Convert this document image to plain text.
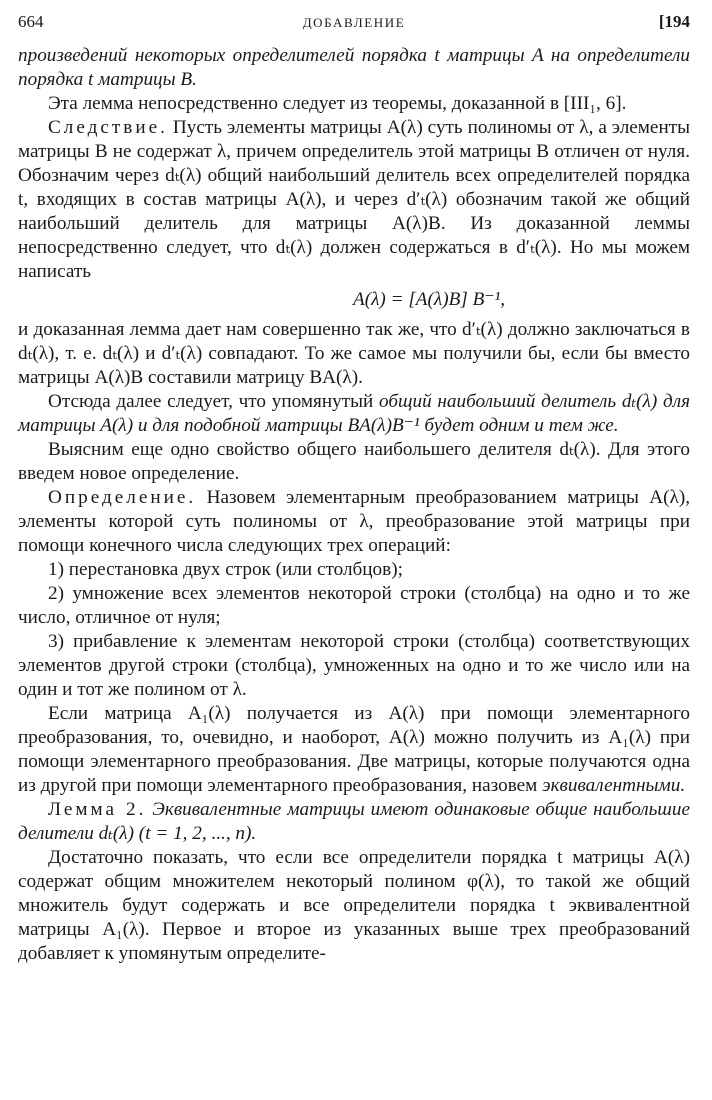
664	ДОБАВЛЕНИЕ	[194

произведений некоторых определителей порядка t матрицы A на определители порядка t матрицы B.

Эта лемма непосредственно следует из теоремы, доказанной в [III₁, 6].

Следствие. Пусть элементы матрицы A(λ) суть полиномы от λ, а элементы матрицы B не содержат λ, причем определитель этой матрицы B отличен от нуля. Обозначим через dₜ(λ) общий наибольший делитель всех определителей порядка t, входящих в состав матрицы A(λ), и через d′ₜ(λ) обозначим такой же общий наибольший делитель для матрицы A(λ)B. Из доказанной леммы непосредственно следует, что dₜ(λ) должен содержаться в d′ₜ(λ). Но мы можем написать

A(λ) = [A(λ)B] B⁻¹,

и доказанная лемма дает нам совершенно так же, что d′ₜ(λ) должно заключаться в dₜ(λ), т. е. dₜ(λ) и d′ₜ(λ) совпадают. То же самое мы получили бы, если бы вместо матрицы A(λ)B составили матрицу BA(λ).

Отсюда далее следует, что упомянутый общий наибольший делитель dₜ(λ) для матрицы A(λ) и для подобной матрицы BA(λ)B⁻¹ будет одним и тем же.

Выясним еще одно свойство общего наибольшего делителя dₜ(λ). Для этого введем новое определение.

Определение. Назовем элементарным преобразованием матрицы A(λ), элементы которой суть полиномы от λ, преобразование этой матрицы при помощи конечного числа следующих трех операций:

1) перестановка двух строк (или столбцов);

2) умножение всех элементов некоторой строки (столбца) на одно и то же число, отличное от нуля;

3) прибавление к элементам некоторой строки (столбца) соответствующих элементов другой строки (столбца), умноженных на одно и то же число или на один и тот же полином от λ.

Если матрица A₁(λ) получается из A(λ) при помощи элементарного преобразования, то, очевидно, и наоборот, A(λ) можно получить из A₁(λ) при помощи элементарного преобразования. Две матрицы, которые получаются одна из другой при помощи элементарного преобразования, назовем эквивалентными.

Лемма 2. Эквивалентные матрицы имеют одинаковые общие наибольшие делители dₜ(λ) (t = 1, 2, ..., n).

Достаточно показать, что если все определители порядка t матрицы A(λ) содержат общим множителем некоторый полином φ(λ), то такой же общий множитель будут содержать и все определители порядка t эквивалентной матрицы A₁(λ). Первое и второе из указанных выше трех преобразований добавляет к упомянутым определите-
